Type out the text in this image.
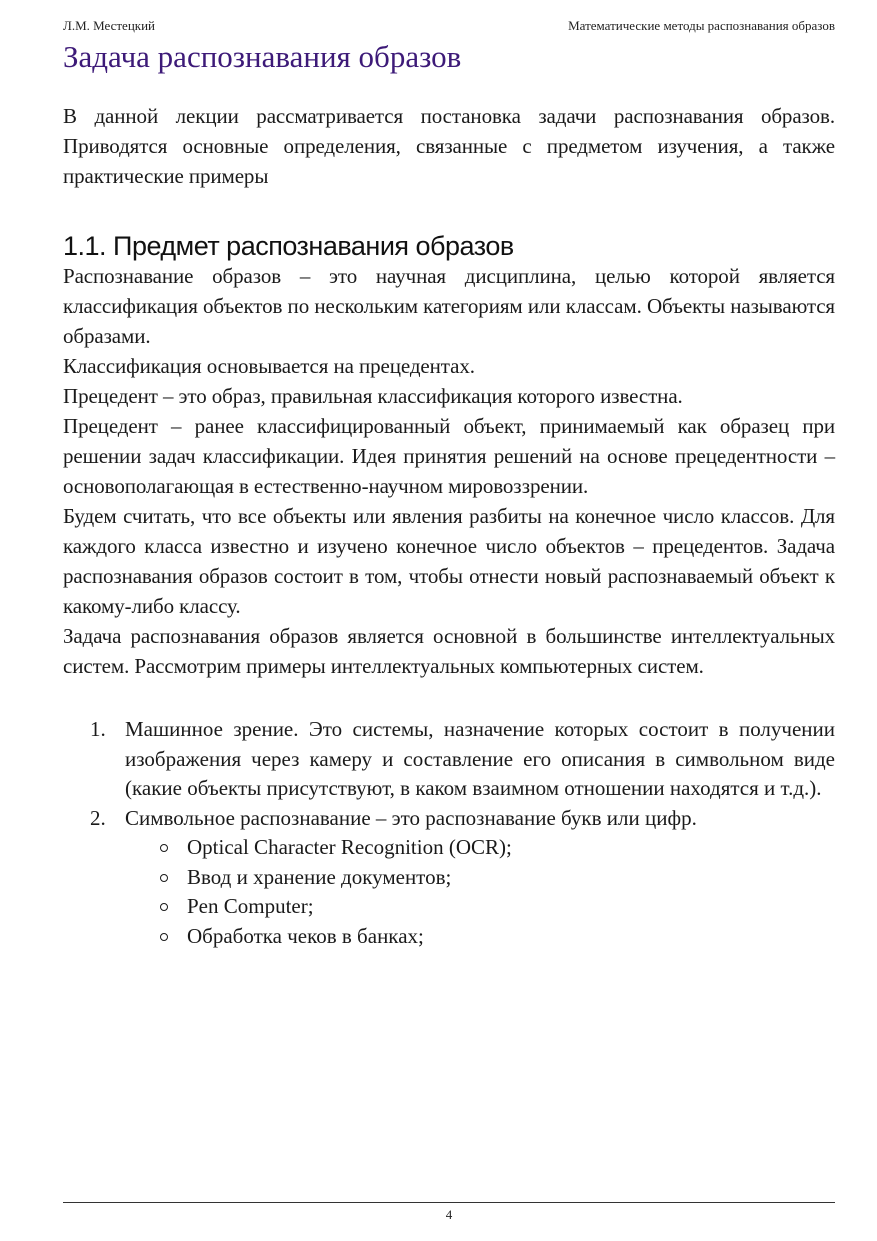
Л.М. Местецкий	Математические методы распознавания образов
Задача распознавания образов

В данной лекции рассматривается постановка задачи распознавания образов. Приводятся основные определения, связанные с предметом изучения, а также практические примеры

1.1. Предмет распознавания образов

Распознавание образов – это научная дисциплина, целью которой является классификация объектов по нескольким категориям или классам. Объекты называются образами.

Классификация основывается на прецедентах.

Прецедент – это образ, правильная классификация которого известна.

Прецедент – ранее классифицированный объект, принимаемый как образец при решении задач классификации. Идея принятия решений на основе прецедентности – основополагающая в естественно-научном мировоззрении.

Будем считать, что все объекты или явления разбиты на конечное число классов. Для каждого класса известно и изучено конечное число объектов – прецедентов. Задача распознавания образов состоит в том, чтобы отнести новый распознаваемый объект к какому-либо классу.

Задача распознавания образов является основной в большинстве интеллектуальных систем. Рассмотрим примеры интеллектуальных компьютерных систем.

1. Машинное зрение. Это системы, назначение которых состоит в получении изображения через камеру и составление его описания в символьном виде (какие объекты присутствуют, в каком взаимном отношении находятся и т.д.).
2. Символьное распознавание – это распознавание букв или цифр.
Optical Character Recognition (OCR);
Ввод и хранение документов;
Pen Computer;
Обработка чеков в банках;
4
